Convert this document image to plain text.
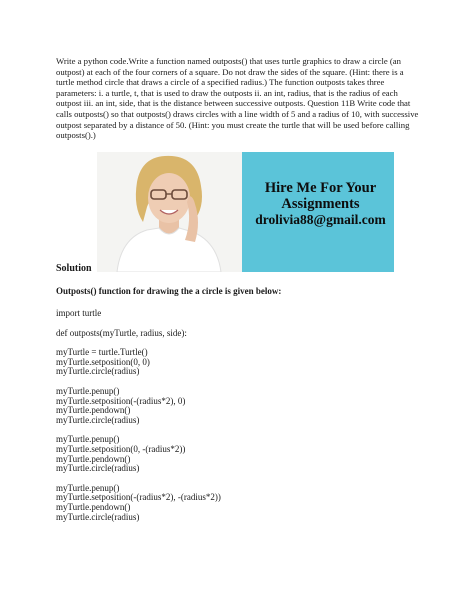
Write a python code.Write a function named outposts() that uses turtle graphics to draw a circle (an outpost) at each of the four corners of a square. Do not draw the sides of the square. (Hint: there is a turtle method circle that draws a circle of a specified radius.) The function outposts takes three parameters: i. a turtle, t, that is used to draw the outposts ii. an int, radius, that is the radius of each outpost iii. an int, side, that is the distance between successive outposts. Question 11B Write code that calls outposts() so that outposts() draws circles with a line width of 5 and a radius of 10, with successive outpost separated by a distance of 50. (Hint: you must create the turtle that will be used before calling outposts().)

Hire Me For Your
Assignments
drolivia88@gmail.com

Solution

Outposts() function for drawing the a circle is given below:

import turtle
def outposts(myTurtle, radius, side):
myTurtle = turtle.Turtle()
myTurtle.setposition(0, 0)
myTurtle.circle(radius)
myTurtle.penup()
myTurtle.setposition(-(radius*2), 0)
myTurtle.pendown()
myTurtle.circle(radius)
myTurtle.penup()
myTurtle.setposition(0, -(radius*2))
myTurtle.pendown()
myTurtle.circle(radius)
myTurtle.penup()
myTurtle.setposition(-(radius*2), -(radius*2))
myTurtle.pendown()
myTurtle.circle(radius)
